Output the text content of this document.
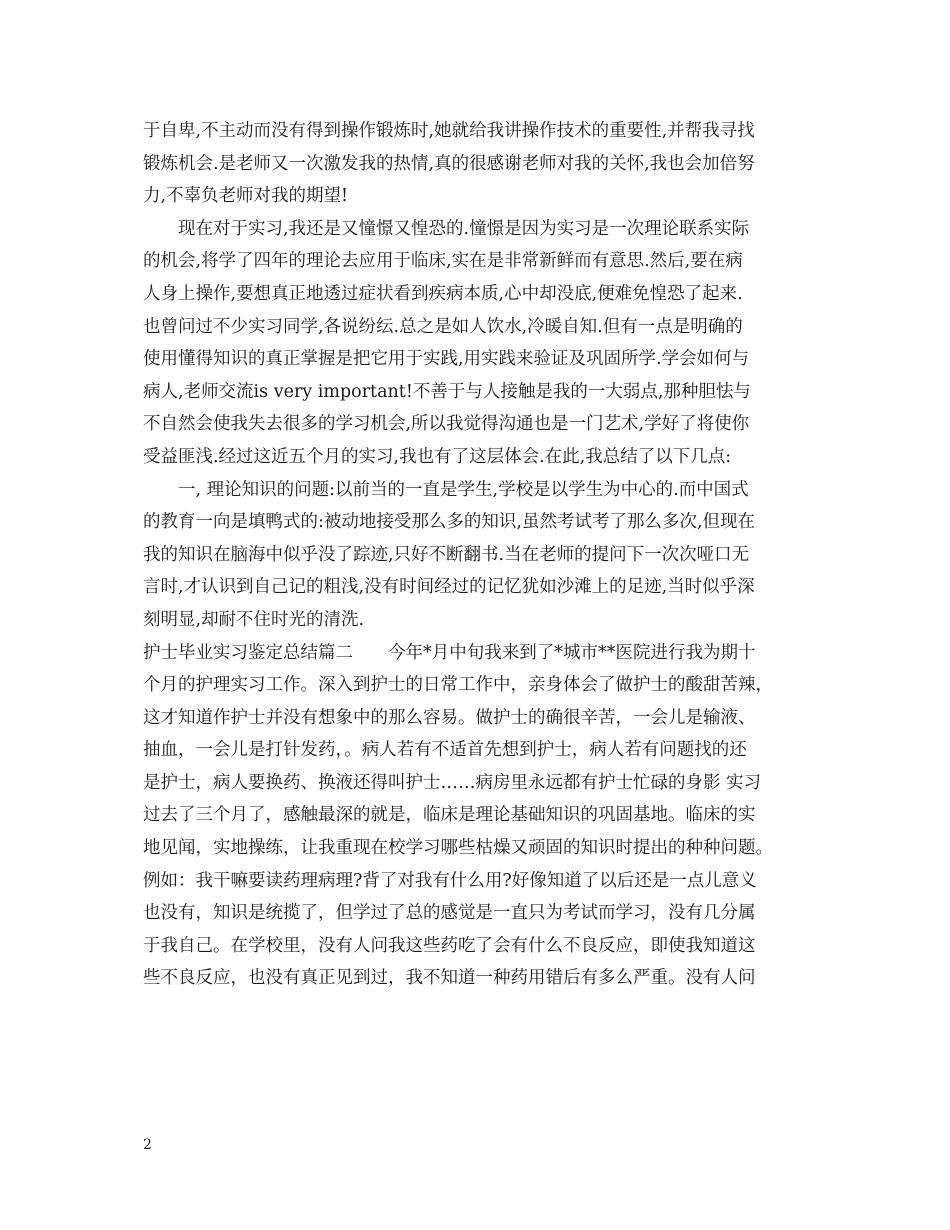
于自卑,不主动而没有得到操作锻炼时,她就给我讲操作技术的重要性,并帮我寻找
锻炼机会.是老师又一次激发我的热情,真的很感谢老师对我的关怀,我也会加倍努
力,不辜负老师对我的期望!
　　现在对于实习,我还是又憧憬又惶恐的.憧憬是因为实习是一次理论联系实际
的机会,将学了四年的理论去应用于临床,实在是非常新鲜而有意思.然后,要在病
人身上操作,要想真正地透过症状看到疾病本质,心中却没底,便难免惶恐了起来.
也曾问过不少实习同学,各说纷纭.总之是如人饮水,冷暖自知.但有一点是明确的
使用懂得知识的真正掌握是把它用于实践,用实践来验证及巩固所学.学会如何与
病人,老师交流is very important!不善于与人接触是我的一大弱点,那种胆怯与
不自然会使我失去很多的学习机会,所以我觉得沟通也是一门艺术,学好了将使你
受益匪浅.经过这近五个月的实习,我也有了这层体会.在此,我总结了以下几点:
　　一, 理论知识的问题:以前当的一直是学生,学校是以学生为中心的.而中国式
的教育一向是填鸭式的:被动地接受那么多的知识,虽然考试考了那么多次,但现在
我的知识在脑海中似乎没了踪迹,只好不断翻书.当在老师的提问下一次次哑口无
言时,才认识到自己记的粗浅,没有时间经过的记忆犹如沙滩上的足迹,当时似乎深
刻明显,却耐不住时光的清洗.
护士毕业实习鉴定总结篇二　　今年*月中旬我来到了*城市**医院进行我为期十
个月的护理实习工作。深入到护士的日常工作中，亲身体会了做护士的酸甜苦辣，
这才知道作护士并没有想象中的那么容易。做护士的确很辛苦，一会儿是输液、
抽血，一会儿是打针发药，。病人若有不适首先想到护士，病人若有问题找的还
是护士，病人要换药、换液还得叫护士……病房里永远都有护士忙碌的身影 实习
过去了三个月了，感触最深的就是，临床是理论基础知识的巩固基地。临床的实
地见闻，实地操练，让我重现在校学习哪些枯燥又顽固的知识时提出的种种问题。
例如：我干嘛要读药理病理?背了对我有什么用?好像知道了以后还是一点儿意义
也没有，知识是统揽了，但学过了总的感觉是一直只为考试而学习，没有几分属
于我自己。在学校里，没有人问我这些药吃了会有什么不良反应，即使我知道这
些不良反应，也没有真正见到过，我不知道一种药用错后有多么严重。没有人问
2
